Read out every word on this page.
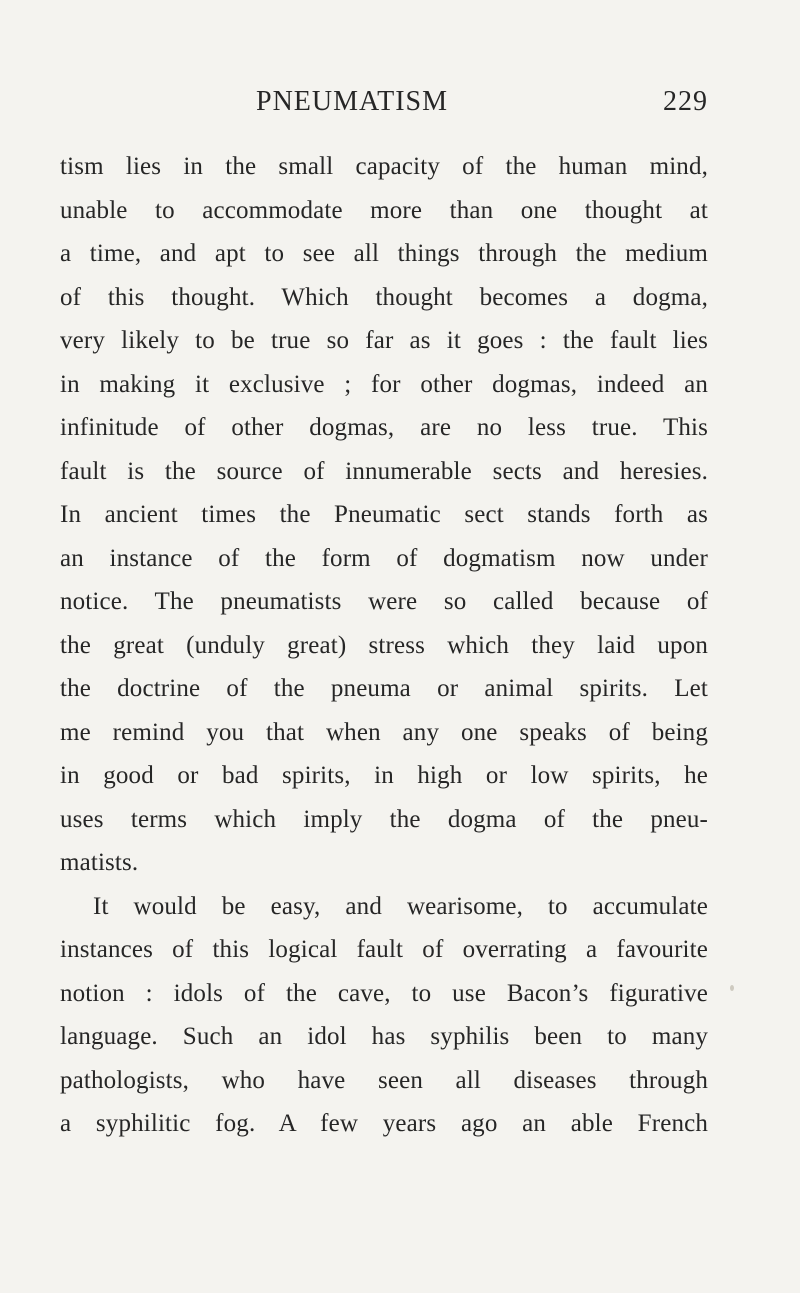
PNEUMATISM	229
tism lies in the small capacity of the human mind,
unable to accommodate more than one thought at
a time, and apt to see all things through the medium
of this thought. Which thought becomes a dogma,
very likely to be true so far as it goes : the fault lies
in making it exclusive ; for other dogmas, indeed an
infinitude of other dogmas, are no less true. This
fault is the source of innumerable sects and heresies.
In ancient times the Pneumatic sect stands forth as
an instance of the form of dogmatism now under
notice. The pneumatists were so called because of
the great (unduly great) stress which they laid upon
the doctrine of the pneuma or animal spirits. Let
me remind you that when any one speaks of being
in good or bad spirits, in high or low spirits, he
uses terms which imply the dogma of the pneu-
matists.
It would be easy, and wearisome, to accumulate
instances of this logical fault of overrating a favourite
notion : idols of the cave, to use Bacon’s figurative
language. Such an idol has syphilis been to many
pathologists, who have seen all diseases through
a syphilitic fog. A few years ago an able French
